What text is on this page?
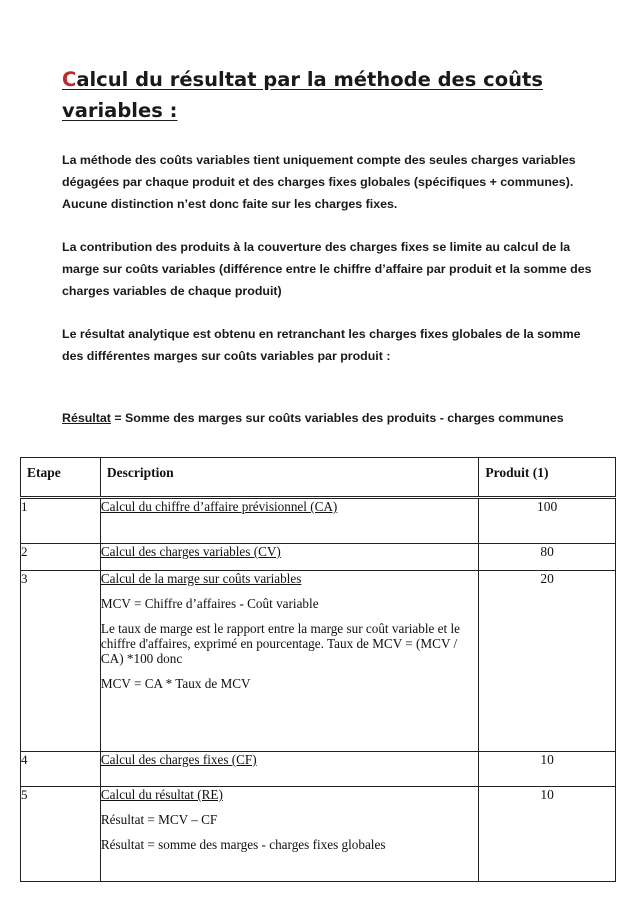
Calcul du résultat par la méthode des coûts
variables :

La méthode des coûts variables tient uniquement compte des seules charges variables dégagées par chaque produit et des charges fixes globales (spécifiques + communes). Aucune distinction n’est donc faite sur les charges fixes.

La contribution des produits à la couverture des charges fixes se limite au calcul de la marge sur coûts variables (différence entre le chiffre d’affaire par produit et la somme des charges variables de chaque produit)

Le résultat analytique est obtenu en retranchant les charges fixes globales de la somme des différentes marges sur coûts variables par produit :

Résultat = Somme des marges sur coûts variables des produits - charges communes

Etape	Description	Produit (1)
1	Calcul du chiffre d’affaire prévisionnel (CA)	100
2	Calcul des charges variables (CV)	80
3	Calcul de la marge sur coûts variables
MCV = Chiffre d’affaires - Coût variable
Le taux de marge est le rapport entre la marge sur coût variable et le chiffre d'affaires, exprimé en pourcentage. Taux de MCV = (MCV / CA) *100 donc
MCV = CA * Taux de MCV	20
4	Calcul des charges fixes (CF)	10
5	Calcul du résultat (RE)
Résultat = MCV – CF
Résultat = somme des marges - charges fixes globales	10
